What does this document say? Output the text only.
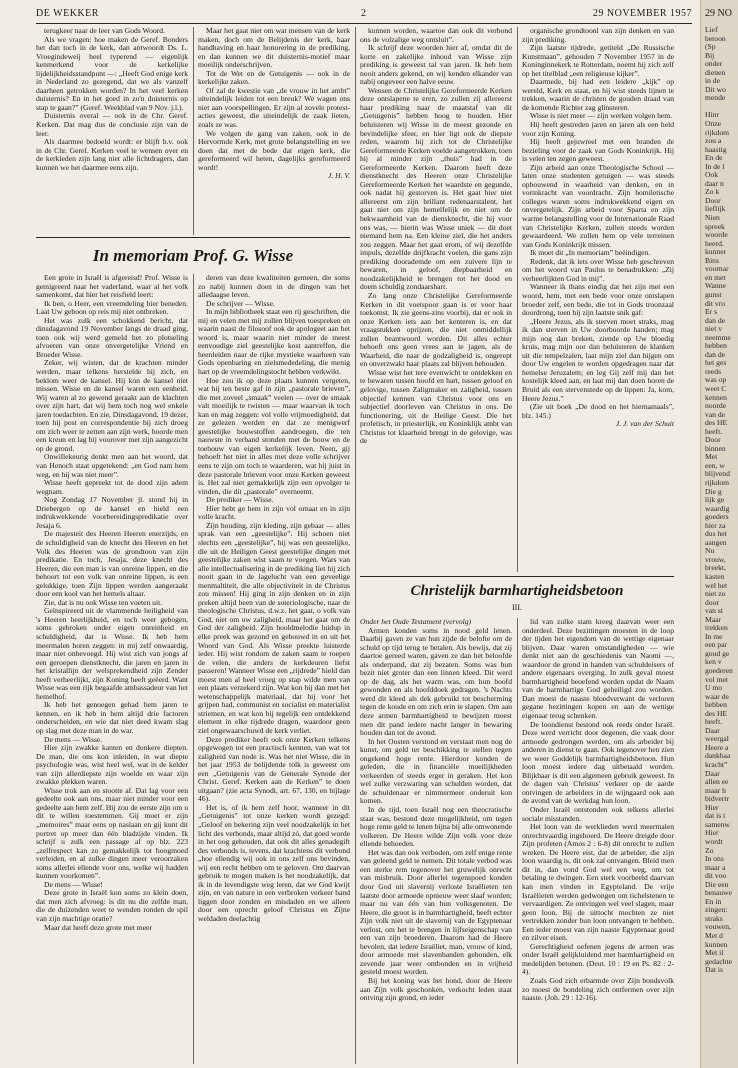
DE WEKKER	2	29 NOVEMBER 1957

terugkeer naar de leer van Gods Woord.

Als we vragen: hoe maken de Geref. Bonders het dan toch in de kerk, dan antwoordt Ds. L. Vroegindeweij heel typerend — eigenlijk kenmerkend voor de kerkelijke lijdelijkheidsstandpunt —: „Heeft God enige kerk in Nederland zo gezegend, dat we als vanzelf daarheen getrokken worden? In het veel kerken duisternis? En in het goed in zo'n duisternis op stap te gaan?” (Geref. Weekblad van 9 Nov. j.l.).

Duisternis overal — ook in de Chr. Geref. Kerken. Dat mag dus de conclusie zijn van de leer.

Als daarmee bedoeld wordt: er blijft b.v. ook in de Chr. Geref. Kerken veel te wensen over en de kerkleden zijn lang niet alle lichtdragers, dan kunnen we het daarmee eens zijn.

Maar het gaat niet om wat mensen van de kerk maken, doch om de Belijdenis der kerk, haar handhaving en haar honorering in de prediking, en dan kunnen we dit duisternis-motief maar moeilijk onderschrijven.

Tot de Wet en de Getuigenis — ook in de kerkelijke zaken.

Of zal de kwestie van „de vrouw in het ambt” uiteindelijk leiden tot een breuk? We wagen ons niet aan voorspellingen. Er zijn al zovele protest-acties geweest, die uiteindelijk de zaak lieten, zoals ze was.

We volgen de gang van zaken, ook in de Hervormde Kerk, met grote belangstelling en we doen dat met de bede dat eigen kerk, die gereformeerd wil heten, dagelijks gereformeerd wordt!

J. H. V.

In memoriam Prof. G. Wisse

Een grote in Israël is afgereisd! Prof. Wisse is gemigreerd naar het vaderland, waar al het volk samenkomt, dat hier het reisfield leert:

Ik ben, o Heer, een vreemdeling hier beneden. Laat Uw geboon op reis mij niet ontbreken.

Het was zulk een schokkend bericht, dat dinsdagavond 19 November langs de draad ging, toen ook wij werd gemeld het zo plotseling afvoeren van onze onvergetelijke Vriend en Broeder Wisse.

Zeker, wij wisten, dat de krachten minder werden, maar telkens herstelde hij zich, en beklom weer de kansel. Hij kon de kansel niet missen. Wisse en de kansel waren een eenheid. Wij waren al zo gewend geraakt aan de klachten over zijn hart, dat wij hem toch nog wel enkele jaren toedachten. En zie, Dinsdagavond, 19 dezer, toen hij post en correspondentie bij zich droeg om zich weer te zetten aan zijn werk, hoorde men een kreun en lag hij voorover met zijn aangezicht op de grond.

Onwillekeurig denkt men aan het woord, dat van Henoch staat opgetekend: „en God nam hem weg, en hij was niet meer”.

Wisse heeft gepreekt tot de dood zijn adem wegnam.

Nog Zondag 17 November jl. stond hij in Driebergen op de kansel en hield een indrukwekkende voorbereidingspredikatie over Jesaja 6.

De majesteit des Heeren Heeren enerzijds, en de schuldigheid van de knecht des Heeren en het Volk des Heeren was de grondtoon van zijn predikatie. En toch, Jesaja, deze knecht des Heeren, die een man is van onreine lippen, en die behoort tot een volk van onreine lippen, is een gelukkige, toen Zijn lippen werden aangeraakt door een kool van het hemels altaar.

Zie, dat is nu ook Wisse ten voeten uit.

Geïnspireerd uit de vlammende heiligheid van 's Heeren heerlijkheid, en toch weer gebogen, soms gebroken onder eigen onreinheid en schuldigheid, dat is Wisse. Ik heb hem meermalen horen zeggen: in mij zelf onwaardig, maar niet onbevoegd. Hij wist zich van jongs af een geroepen dienstknecht, die jaren en jaren in het kristallijn der welsprekendheid zijn Zender heeft verheerlijkt, zijn Koning heeft geëerd. Want Wisse was een rijk begaafde ambassadeur van het hemelhof.

Ik heb het genoegen gehad hem jaren te kennen, en ik heb in hem altijd drie factoren onderscheiden, en wie dat niet deed kwam slag op slag met deze man in de war.

De mens — Wisse.

Hier zijn zwakke kanten en donkere diepten. De man, die ons kon inleiden, in wat diepte psychologie was, wist heel wel, wat in de kelder van zijn allerdiepste zijn woelde en waar zijn zwakke plekken waren.

Wisse trok aan en stootte af. Dat lag voor een gedeelte ook aan ons, maar niet minder voor een gedeelte aan hem zelf. Hij zou de eerste zijn om u dit te willen toestemmen. Gij moet er zijn „memoires” maar eens op naslaan en gij kunt dit portret op meer dan één bladzijde vinden. Ik schrijf u zulk een passage af op blz. 223 „zelfrespect kan zo gemakkelijk tot hoogmoed verleiden, en al zulke dingen meer veroorzaken soms allerlei ellende voor ons, welke wij hadden kunnen voorkomen”.

De mens — Wisse!

Deze grote in Israël kon soms zo klein doen, dat men zich afvroeg: is dit nu die zelfde man, die de duizenden weet te wenden ronden de spil van zijn machtige oratie?

Maar dat heeft deze grote met meer

deren van deze kwaliteiten gemeen, die soms zo nabij kunnen doen in de dingen van het alledaagse leven.

De schrijver — Wisse.

In mijn bibliotheek staat een rij geschriften, die mij en velen met mij zullen blijven toespreken en waarin naast de filosoof ook de apologeet aan het woord is, maar waarin niet minder de meest eenvoudige ziel geestelijke kost aantreffen, die heenleiden naar de rijke mystieke waarheen van Gods openbaring en zielsmededeling, die menig hart op de vreemdelingstocht hebben verkwikt.

Hoe zou ik op deze plaats kunnen vergeten, wat hij ten beste gaf in zijn „pastorale brieven”, die met zoveel „smaak” veelen — over de smaak valt moeilijk te twisten — maar waarvan ik toch kan en mag zeggen: vol volle vrijmoedigheid, dat ze gelezen werden en dat ze menigwerf geestelijke bouwstoffen aandroegen, die ten nauwste in verband stonden met de bouw en de toebouw van eigen kerkelijk leven. Neen, gij behoeft het niet in alles met deze volle schrijver eens te zijn om toch te waarderen, wat hij juist in deze pastorale brieven voor onze Kerken geweest is. Het zal niet gemakkelijk zijn een opvolger te vinden, die dit „pastorale” overneemt.

De prediker — Wisse.

Hier hebt ge hem in zijn vol ornaat en in zijn volle kracht.

Zijn houding, zijn kleding, zijn gebaar — alles sprak van een „geestelijke”. Hij schoen niet slechts een „geestelijke”, hij was een geestelijke, die uit de Heiligen Geest geestelijke dingen met geestelijke zaken wist saam te voegen. Wars van alle intellectualisering in de prediking liet hij zich nooit gaan in de lagelucht van een geveelige menmaltiteit, die alle objectiviteit in de Christus zou missen! Hij ging in zijn denken en in zijn preken altijd heen van de soteriologische, naar de theologische Christus, d.w.z. het gaat, o volk van God, niet om uw zaligheid, maar het gaat om de God der zaligheid. Zijn hooldmelodie luidup in elke preek was gezond en gebouwd in en uit het Woord van God. Als Wisse preekte luisterde ieder. Hij wist rondom de zaken saam te roepen de velen, die anders de kerkdeuren liefst passeren! Wanneer Wisse een „rijdrede” hield dan moest men al heel vroeg op stap wilde men van een plaats verzekerd zijn. Wat kon hij dan met het wetenschappelijk materiaal, dat hij voor het grijpen had, communist en socialist en materialist striemen, en wat kon hij tegelijk een ontdekkend element in elke tijdrede dragen, waardoor geen ziel ongewaarschuwd de kerk verliet.

Deze prediker heeft ook onze Kerken telkens opgewogen tot een practisch kennen, van wat tot zaligheid van node is. Was het niet Wisse, die in het jaar 1953 de belijdende tolk is geweest om een „Getuigenis van de Generale Synode der Christ. Geref. Kerken aan de Kerken” te doen uitgaan? (zie acta Synodi, art. 67, 130, en bijlage 46).

Het is, of ik hem zelf hoor, wanneer in dit „Getuigenis” tot onze kerken wordt gezegd: „Geloof en bekering zijn veel noodzakelijk in het licht des verbonds, maar altijd zó, dat goed worde in het oog gehouden, dat ook dit alles genadegift des verbonds is, tevens, dat krachtens dit verbond „hoe ellendig wij ook in ons zelf ons bevinden, wij een recht hebben om te geloven. Om daarvan gebruik te mogen maken is het noodzakelijk, dat ik in de levendigste weg leren, dat we God kwijt zijn, en van nature in een verbroken verkeer band liggen door zonden en misdaden en we alleen door een oprecht geloof Christus en Zijne weldaden deelachtig

kunnen worden, waartoe dan ook dit verbond ons de volzalige weg ontsluit”.

Ik schrijf deze woorden hier af, omdat dit de korte en zakelijke inhoud van Wisse zijn prediking is geweest tal van jaren. Ik heb hem nooit anders gekend, en wij kenden elkander van nabij ongeveer een halve eeuw.

Wensen de Christelijke Gereformeerde Kerken deze ontslapene te eren, zo zullen zij allereerst haar prediking naar de maatstaf van dit „Getuigenis” hebben hoog te houden. Hier beluisteren wij Wisse in de meest gezonde en bevindelijke sfeer, en hier ligt ook de diepste reden, waarom hij zich tot de Christelijke Gereformeerde Kerken voelde aangetrokken, toen hij al minder zijn „thuis” had in de Gereformeerde Kerken. Daarom heeft deze dienstknecht des Heeren onze Christelijke Gereformeerde Kerken het waardste en gegunde, ook nadat hij gestorven is. Het gaat hier niet allereerst om zijn brillant redenaarstalent, het gaat niet om zijn hemelfelijk en niet om de bekwaamheid van de diensknecht, die hij voor ons was, — hierin was Wisse uniek — dit doet niemand hem na. Een kleine ziel, die het anders zou zeggen. Maar het gaat erom, of wij dezelfde impuls, dezelfde drijfkracht voelen, die gans zijn prediking doorademde om een zuivere lijn te bewaren, in geloof, diepbaarheid en noodzakelijkheid te brengen tot het dood en doem schuldig zondaarshart.

Zo lang onze Christelijke Gereformeerde Kerken in dit voetspoor gaan is er voor haar toekomst. Ik zie geens-zins voorbij, dat er ook in onze Kerken iets aan het kenteren is, en dat vraagstukken oprijzen, die niet onmiddellijk zullen beantwoord worden. Dit alles echter behoeft ons geen vrees aan te jagen, als de Waarheid, die naar de godzaligheid is, ongerept en onverzwakt haar plaats zal blijven behouden.

Wisse wist het tere evenwicht te ontdekken en te bewaren tussen hoofd en hart, tussen geloof en gelovige, tussen Zaligmaker en zaligheid, tussen objectief kennen van Christus voor ons en subjectief doorleven van Christus in ons. De functionering, uit de Heilige Geest. Die het profetisch, in priesterlijk, en Koninklijk ambt van Christus tot klaarheid brengt in de gelovige, was de

organische grondtoonl van zijn denken en van zijn prediking.

Zijn laatste tijdrede, getiteld „De Russische Kunstmaan”, gehouden 7 November 1957 in de Koninginnekerk te Rotterdam, noemt hij zich zelf op het titelblad „een religieuse kijker”.

Daarmede, bij had een leidere „kijk” op wereld, Kerk en staat, en hij wist steeds lijnen te trekken, waarin de christen de gouden draad van de komende Richter zag glinsteren.

Wisse is niet meer — zijn werken volgen hem.

Hij heeft gestreden jaren en jaren als een held voor zijn Koning.

Hij heeft gejuwreel met een branden de bezieling voor de zaak van Gods Koninkrijk. Hij is velen ten zegen geweest.

Zijn arbeid aan onze Theologische School — laten onze studenten getuigen — was steeds opbouwend in waarheid van denken, en in vormkracht van voordracht. Zijn homiletische colleges waren soms indrukwekkend eigen en onvergetelijk. Zijn arbeid voor Sparta en zijn warme belangstelling voor de Internationale Raad van Christelijke Kerken, zullen steeds worden gewaardeerd. We zullen hem op vele terreinen van Gods Koninkrijk missen.

Ik moet dit „In memoriam” beëindigen.

Redenk, dat ik iets over Wisse heb geschreven om het woord van Paulus te benadrukken: „Zij verheerlijkten God in mij”.

Wanneer ik thans eindig dat het zijn met een woord, hem, met een bede voor onze ontslapen broeder zelf, een bede, die tot in Gods troonzaal doordrong, toen hij zijn laatste snik gaf:

„Heere Jezus, als ik sterven moet straks, mag ik dan sterven in Uw doorboorde handen; mag mijn oog dan breken, ziende op Uw bloedig kruis, mag mijn oor dan beluisteren de klanken uit die tempelzalen, laat mijn ziel dan hijgen om door Uw engelen te worden opgedragen naar dat hemelse Jeruzalem; en leg Gij zelf mij dan het kostelijk kleed aan, en laat mij dan doen horen de Bruid als een stervenstede op de lippen: Ja, kom, Heere Jezus.”

(Zie uit boek „De dood en het hiernamaals”, blz. 145.)

J. J. van der Schuit

Christelijk barmhartigheidsbetoon
III.

Onder het Oude Testament (vervolg)

Armen konden soms in nood geld lenen. Daarbij gaven ze van hun zijde de belofte om de schuld op tijd terug te betalen. Als bewijs, dat zij daartoe gereed waren, gaven ze dan het beloofde als onderpand, dat zij bezaten. Soms was hun bezit niet groter dan een linnen kleed. Dit werd op de dag, als het warm was, om hun hoofd gewonden en als hoofddoek gedragen. 's Nachts werd dit kleed als dek gebruikt tot bescherming tegen de koude en om zich erin te slapen. Om aan deze armen barmhartigheid te bewijzen moest men dit pand iedere nacht langer in bewaring houden dan tot de avond.

In het Oosten verstond en verstaat men nog de kunst, om geld ter beschikking te stellen tegen ongekend hoge rente. Hierdoor konden de geleden, die in financiële moeilijkheden verkeerden of steeds erger in geraken. Het kon wel zulke verzwaring van schulden worden, dat de schuldenaar er nimmermeer onderuit kon komen.

In de tijd, toen Israël nog een theocratische staat was, bestond deze mogelijkheid, om tegen hoge rente geld te lenen bijna bij alle omwonende volkeren. De Heere wilde Zijn volk voor deze ellende behoeden.

Het was dan ook verboden, om zelf enige rente van geleend geld te nemen. Dit totale verbod was een sterke rem tegenover het gruwelijk onrecht van misbruik. Door allerlei tegenspoed konden door God uit slavernij verloste Israëlieten ten laatste door armoede opnieuw weer slaaf worden; maar nu van één van hun volksgenoten. De Heere, die groot is in barmhartigheid, heeft echter Zijn volk niet uit de slavernij van de Egyptenaar verlost, om het te brengen in lijfseigenschap van een van zijn broederen. Daarom had de Heere bevolen, dat iedere Israëliet, man, vrouw of kind, door armoede met slavenbanden gebonden, elk zevende jaar weer ontbonden en in vrijheid gesteld moest worden.

Bij het koning was het hond, door de Heere aan Zijn volk geschonken, verkocht leden staat ontving zijn grond, en ieder

lid van zulke stam kreeg daarvan weer een onderdeel. Deze bezittingen moesten in de loop der tijden het eigendom van de wettige eigenaar blijven. Daar waren omstandigheden — wie denkt niet aan de geschiedenis van Naomi —, waardoor de grond in handen van schuldeisers of andere eigenaars overging. In zulk geval moest barmhartigheid beoefend worden opdat de Naam van de barmhartige God geheiligd zou worden. Dan moest de naaste bloedverwant de verloren gegane bezittingen kopen en aan de wettige eigenaar terug schenken.

De loondienst bestond ook reeds onder Israël. Deze werd verricht door degenen, die vaak door armoede gedrongen werden, om als arbeider bij anderen in dienst te gaan. Ook tegenover hen zien we weer Goddelijk barmhartigheidsbetoon. Hun loon moest iedere dag uitbetaald worden. Blijkbaar is dit een algemeen gebruik geweest. In de dagen van Christus' verkeer op de aarde ontvingen de arbeiders in de wijngaard ook aan de avond van de werkdag hun loon.

Onder Israël ontstonden ook telkens allerlei sociale misstanden.

Het loon van de werklieden werd meermalen onrechtvaardig ingehoerd. De Heere dreigde door Zijn profeten (Amos 2 : 6-8) dit onrecht te zullen wreken. De Heere eist, dat de arbeider, die zijn loon waardig is, dit ook zal ontvangen. Bleid men dit in, dan vond God wel een weg, om tot betaling te dwingen. Een sterk voorbeeld daarvan kan men vinden in Egypteland. De vrije Israëlieten werden gedwongen om tichelstenen te vervaardigen. Ze ontvingen wel veel slagen, maar geen loon. Bij de uittocht mochten ze niet vertrekken zonder hun loon ontvangen te hebben. Een ieder moest van zijn naaste Egyptenaar goud en zilver eisen.

Gerechtigheid oefenen jegens de armen was onder Israël gelijkluidend met barmhartigheid en medelijden betonen. (Deut. 10 : 19 en Ps. 82 : 2-4).

Zoals God zich erbarmde over Zijn bondsvolk zo moest de bondeling zich ontfermen over zijn naaste. (Joh. 29 : 12-16).

29 NO
Lief
betoon
(Sp
Bij
onder
dienen
in de
Dit wo
mende

Hinr
Onze
rijkdom
zou a
haastig
En de
In de l
Ook
daar n
Zo k
Door
lieflijk
Nien
spreek
woorde
heerd.
kunner
Bins
voornar
en met
Wanne
gunst
dit vro
Er s
dan de
niet v
neemme
hebben
dan de
het ges
reeds
was op
weet C
kennen
noorde
van de
des HE
heeft.
Door
binnen
Met
een, w
blijvend
rijkdom
Die g
lijk ge
waardig
goeders
hier za
dus het
aangen
Nu
vrouw,
breekt,
kasten
wel het
niet zo
door
van st
Maar
trekken
In me
een par
goud ge
ken v
goederen
vol met
U mo
waar de
hebben
des HE
heeft.
Daar
weergal
Heere a
dankbaa
kracht”
Daar
allen ee
maar h
bidvertr
Hier
dat is t
samenw
Hier
wordt
Zo
In ons
maar a
dit voo
Die een
benauwe
En in
zingen:
straks
vouwen,
Met d
kunnen
Met il
gedachte
Dat is
